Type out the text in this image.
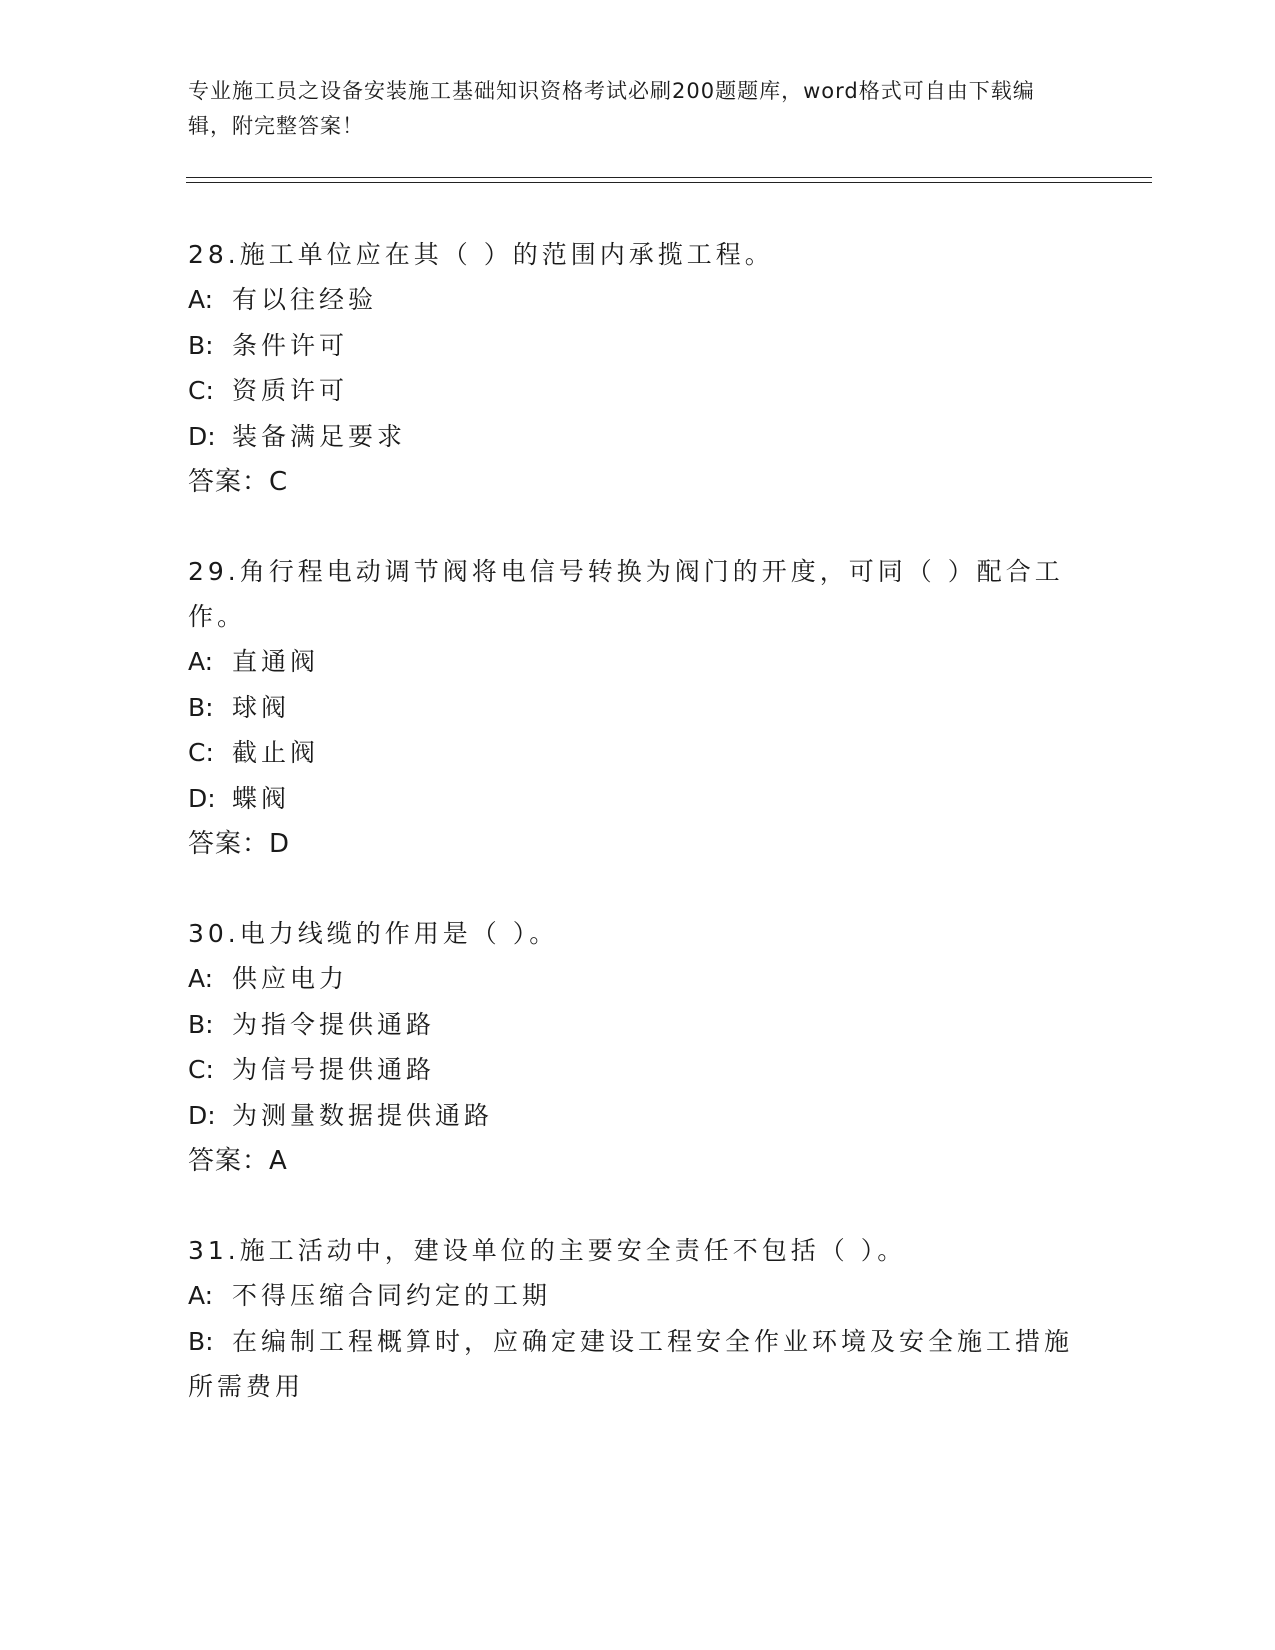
专业施工员之设备安装施工基础知识资格考试必刷200题题库，word格式可自由下载编辑，附完整答案！
28.施工单位应在其（ ）的范围内承揽工程。
A: 有以往经验
B: 条件许可
C: 资质许可
D: 装备满足要求
答案：C
29.角行程电动调节阀将电信号转换为阀门的开度，可同（ ）配合工作。
A: 直通阀
B: 球阀
C: 截止阀
D: 蝶阀
答案：D
30.电力线缆的作用是（ ）。
A: 供应电力
B: 为指令提供通路
C: 为信号提供通路
D: 为测量数据提供通路
答案：A
31.施工活动中，建设单位的主要安全责任不包括（ ）。
A: 不得压缩合同约定的工期
B: 在编制工程概算时，应确定建设工程安全作业环境及安全施工措施所需费用
